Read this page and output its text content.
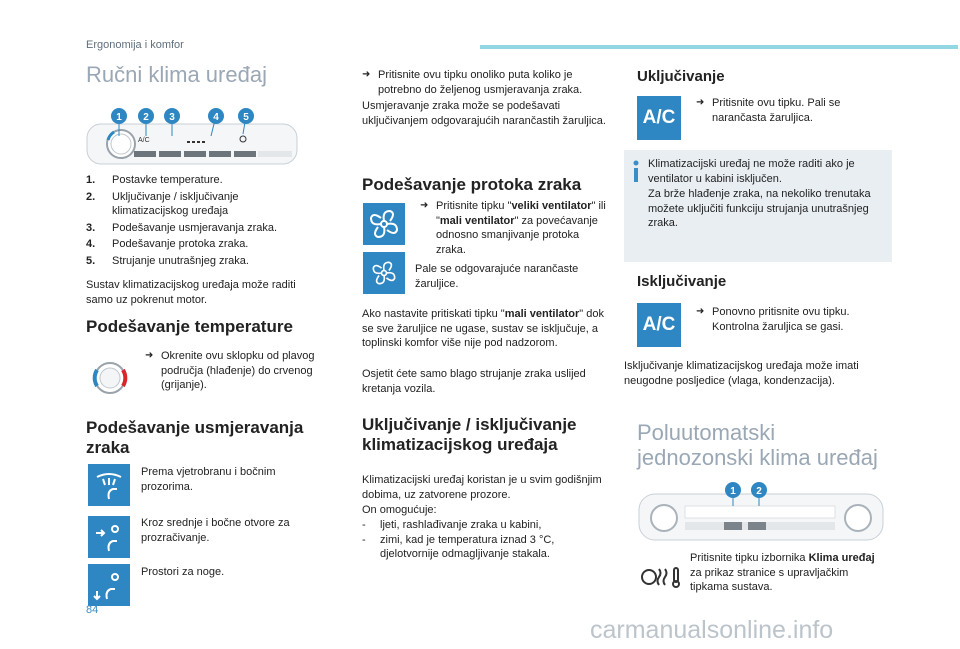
Ergonomija i komfor
Ručni klima uređaj
A/C
1 2 3	4 5
1.	Postavke temperature.
2.	Uključivanje / isključivanje klimatizacijskog uređaja
3.	Podešavanje usmjeravanja zraka.
4.	Podešavanje protoka zraka.
5.	Strujanje unutrašnjeg zraka.
Sustav klimatizacijskog uređaja može raditi samo uz pokrenut motor.
Podešavanje temperature
➜ Okrenite ovu sklopku od plavog područja (hlađenje) do crvenog (grijanje).
Podešavanje usmjeravanja zraka
Prema vjetrobranu i bočnim prozorima.
Kroz srednje i bočne otvore za prozračivanje.
Prostori za noge.
➜ Pritisnite ovu tipku onoliko puta koliko je potrebno do željenog usmjeravanja zraka.
Usmjeravanje zraka može se podešavati uključivanjem odgovarajućih narančastih žaruljica.
Podešavanje protoka zraka
➜ Pritisnite tipku "veliki ventilator" ili "mali ventilator" za povećavanje odnosno smanjivanje protoka zraka.
Pale se odgovarajuće narančaste žaruljice.
Ako nastavite pritiskati tipku "mali ventilator" dok se sve žaruljice ne ugase, sustav se isključuje, a toplinski komfor više nije pod nadzorom.
Osjetit ćete samo blago strujanje zraka uslijed kretanja vozila.
Uključivanje / isključivanje klimatizacijskog uređaja
Klimatizacijski uređaj koristan je u svim godišnjim dobima, uz zatvorene prozore.
On omogućuje:
-	ljeti, rashlađivanje zraka u kabini,
-	zimi, kad je temperatura iznad 3 °C, djelotvornije odmagljivanje stakala.
Uključivanje
A/C
➜ Pritisnite ovu tipku. Pali se narančasta žaruljica.
Klimatizacijski uređaj ne može raditi ako je ventilator u kabini isključen.
Za brže hlađenje zraka, na nekoliko trenutaka možete uključiti funkciju strujanja unutrašnjeg zraka.
Isključivanje
A/C
➜ Ponovno pritisnite ovu tipku. Kontrolna žaruljica se gasi.
Isključivanje klimatizacijskog uređaja može imati neugodne posljedice (vlaga, kondenzacija).
Poluutomatski jednozonski klima uređaj
1 2
Pritisnite tipku izbornika Klima uređaj za prikaz stranice s upravljačkim tipkama sustava.
84
carmanualsonline.info
